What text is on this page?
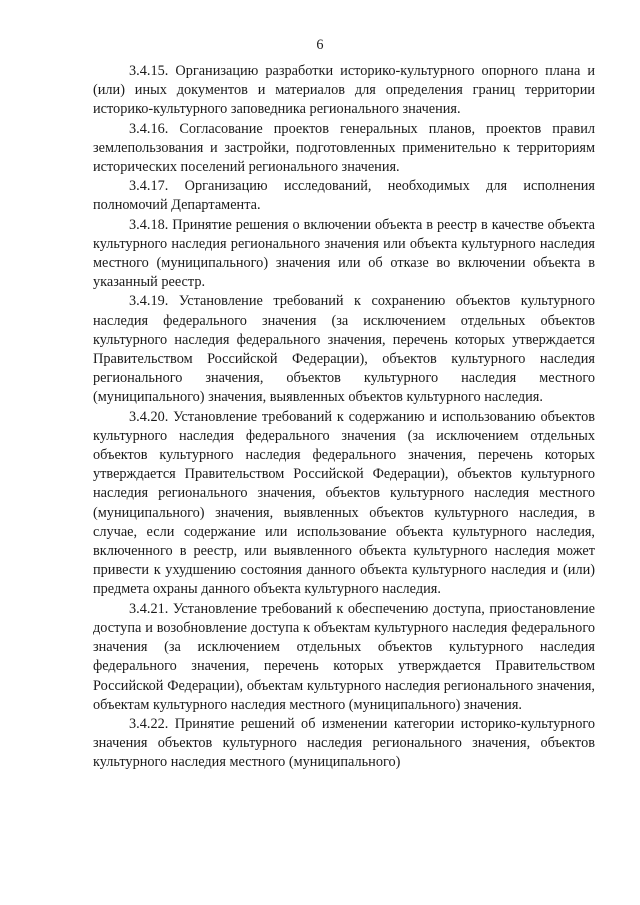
6

3.4.15. Организацию разработки историко-культурного опорного плана и (или) иных документов и материалов для определения границ территории историко-культурного заповедника регионального значения.

3.4.16. Согласование проектов генеральных планов, проектов правил землепользования и застройки, подготовленных применительно к территориям исторических поселений регионального значения.

3.4.17. Организацию исследований, необходимых для исполнения полномочий Департамента.

3.4.18. Принятие решения о включении объекта в реестр в качестве объекта культурного наследия регионального значения или объекта культурного наследия местного (муниципального) значения или об отказе во включении объекта в указанный реестр.

3.4.19. Установление требований к сохранению объектов культурного наследия федерального значения (за исключением отдельных объектов культурного наследия федерального значения, перечень которых утверждается Правительством Российской Федерации), объектов культурного наследия регионального значения, объектов культурного наследия местного (муниципального) значения, выявленных объектов культурного наследия.

3.4.20. Установление требований к содержанию и использованию объектов культурного наследия федерального значения (за исключением отдельных объектов культурного наследия федерального значения, перечень которых утверждается Правительством Российской Федерации), объектов культурного наследия регионального значения, объектов культурного наследия местного (муниципального) значения, выявленных объектов культурного наследия, в случае, если содержание или использование объекта культурного наследия, включенного в реестр, или выявленного объекта культурного наследия может привести к ухудшению состояния данного объекта культурного наследия и (или) предмета охраны данного объекта культурного наследия.

3.4.21. Установление требований к обеспечению доступа, приостановление доступа и возобновление доступа к объектам культурного наследия федерального значения (за исключением отдельных объектов культурного наследия федерального значения, перечень которых утверждается Правительством Российской Федерации), объектам культурного наследия регионального значения, объектам культурного наследия местного (муниципального) значения.

3.4.22. Принятие решений об изменении категории историко-культурного значения объектов культурного наследия регионального значения, объектов культурного наследия местного (муниципального)
